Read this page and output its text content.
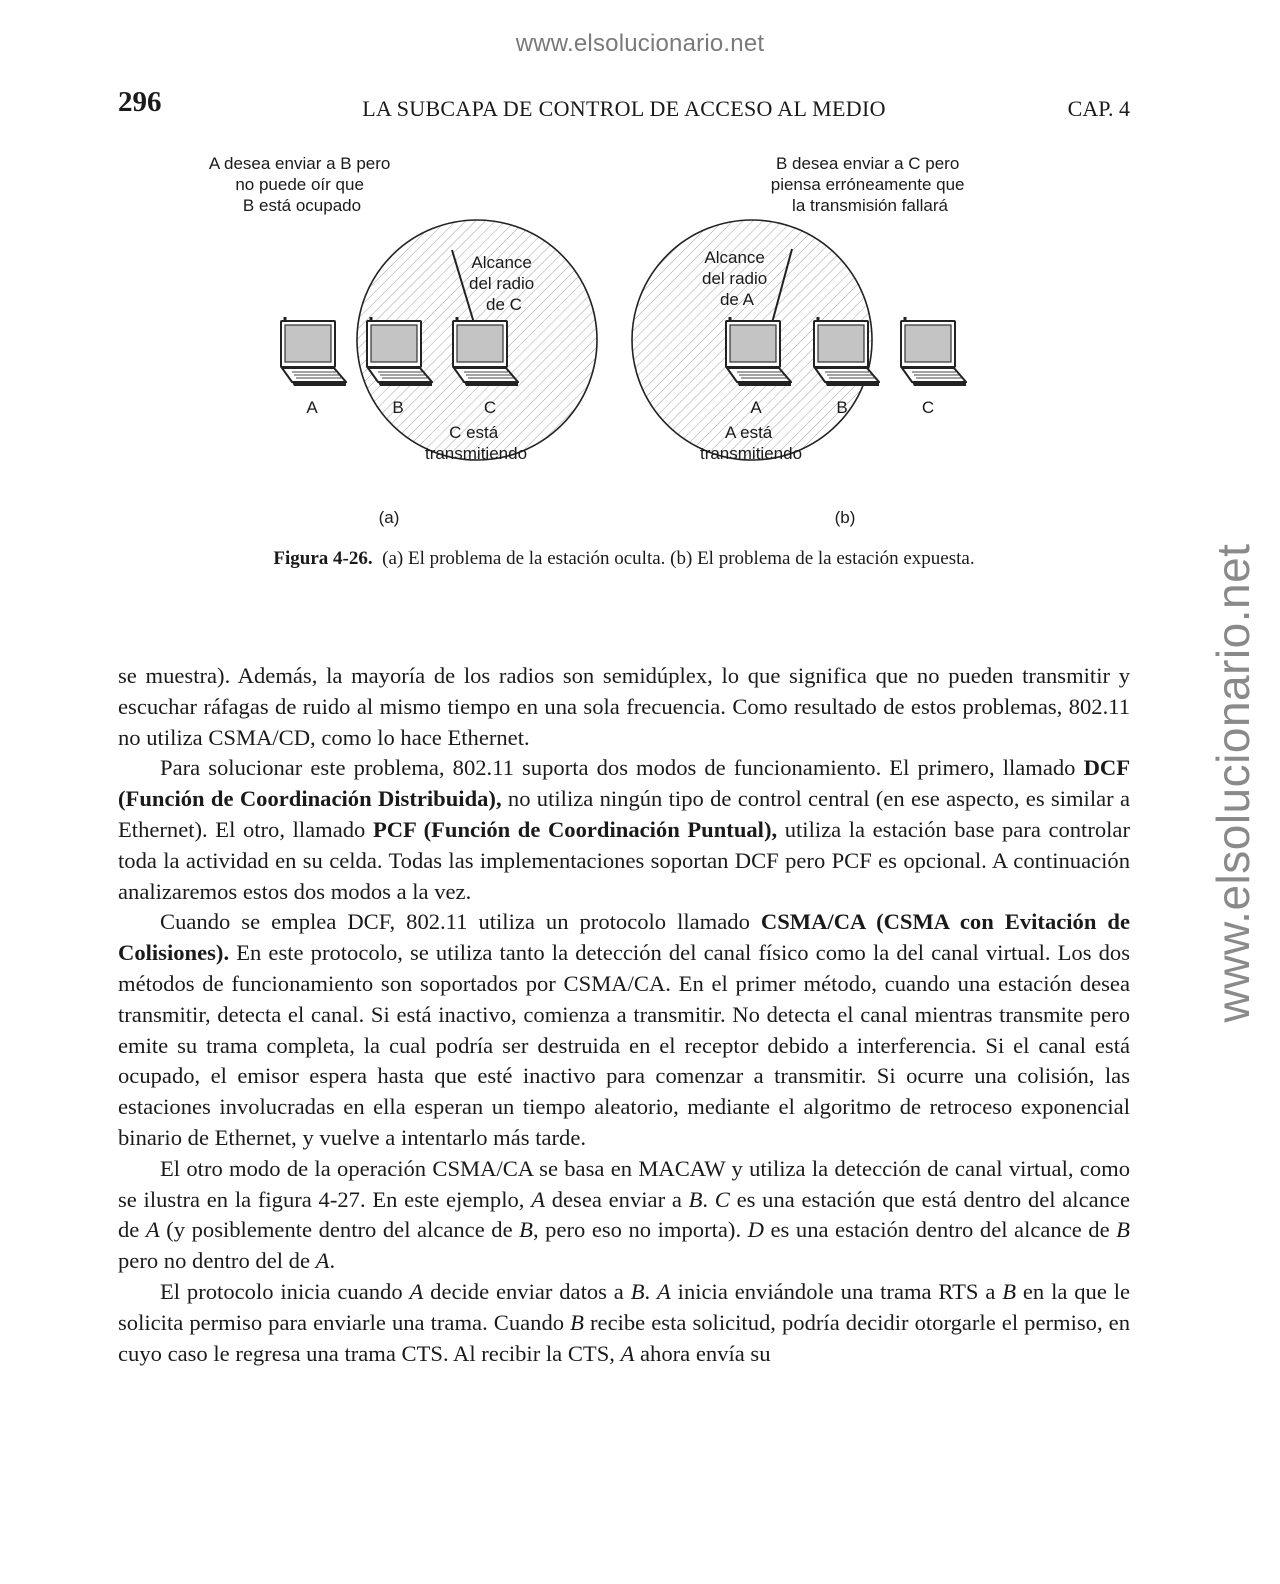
www.elsolucionario.net
www.elsolucionario.net
LA SUBCAPA DE CONTROL DE ACCESO AL MEDIO
296	CAP. 4
A desea enviar a B pero no puede oír que B está ocupado
Alcance del radio de C
A	B	C
C está transmitiendo
(a)
B desea enviar a C pero piensa erróneamente que la transmisión fallará
Alcance del radio de A
A	B	C
A está transmitiendo
(b)
Figura 4-26. (a) El problema de la estación oculta. (b) El problema de la estación expuesta.

se muestra). Además, la mayoría de los radios son semidúplex, lo que significa que no pueden transmitir y escuchar ráfagas de ruido al mismo tiempo en una sola frecuencia. Como resultado de estos problemas, 802.11 no utiliza CSMA/CD, como lo hace Ethernet.

Para solucionar este problema, 802.11 suporta dos modos de funcionamiento. El primero, llamado DCF (Función de Coordinación Distribuida), no utiliza ningún tipo de control central (en ese aspecto, es similar a Ethernet). El otro, llamado PCF (Función de Coordinación Puntual), utiliza la estación base para controlar toda la actividad en su celda. Todas las implementaciones soportan DCF pero PCF es opcional. A continuación analizaremos estos dos modos a la vez.

Cuando se emplea DCF, 802.11 utiliza un protocolo llamado CSMA/CA (CSMA con Evitación de Colisiones). En este protocolo, se utiliza tanto la detección del canal físico como la del canal virtual. Los dos métodos de funcionamiento son soportados por CSMA/CA. En el primer método, cuando una estación desea transmitir, detecta el canal. Si está inactivo, comienza a transmitir. No detecta el canal mientras transmite pero emite su trama completa, la cual podría ser destruida en el receptor debido a interferencia. Si el canal está ocupado, el emisor espera hasta que esté inactivo para comenzar a transmitir. Si ocurre una colisión, las estaciones involucradas en ella esperan un tiempo aleatorio, mediante el algoritmo de retroceso exponencial binario de Ethernet, y vuelve a intentarlo más tarde.

El otro modo de la operación CSMA/CA se basa en MACAW y utiliza la detección de canal virtual, como se ilustra en la figura 4-27. En este ejemplo, A desea enviar a B. C es una estación que está dentro del alcance de A (y posiblemente dentro del alcance de B, pero eso no importa). D es una estación dentro del alcance de B pero no dentro del de A.

El protocolo inicia cuando A decide enviar datos a B. A inicia enviándole una trama RTS a B en la que le solicita permiso para enviarle una trama. Cuando B recibe esta solicitud, podría decidir otorgarle el permiso, en cuyo caso le regresa una trama CTS. Al recibir la CTS, A ahora envía su
